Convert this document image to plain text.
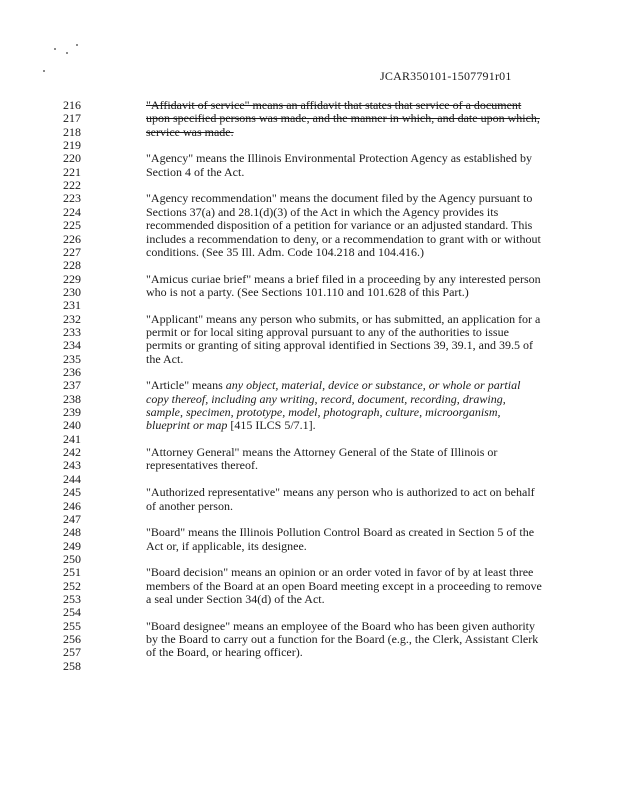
JCAR350101-1507791r01
216	"Affidavit of service" means an affidavit that states that service of a document
217	upon specified persons was made, and the manner in which, and date upon which,
218	service was made.
219
220	"Agency" means the Illinois Environmental Protection Agency as established by
221	Section 4 of the Act.
222
223	"Agency recommendation" means the document filed by the Agency pursuant to
224	Sections 37(a) and 28.1(d)(3) of the Act in which the Agency provides its
225	recommended disposition of a petition for variance or an adjusted standard. This
226	includes a recommendation to deny, or a recommendation to grant with or without
227	conditions. (See 35 Ill. Adm. Code 104.218 and 104.416.)
228
229	"Amicus curiae brief" means a brief filed in a proceeding by any interested person
230	who is not a party. (See Sections 101.110 and 101.628 of this Part.)
231
232	"Applicant" means any person who submits, or has submitted, an application for a
233	permit or for local siting approval pursuant to any of the authorities to issue
234	permits or granting of siting approval identified in Sections 39, 39.1, and 39.5 of
235	the Act.
236
237	"Article" means any object, material, device or substance, or whole or partial
238	copy thereof, including any writing, record, document, recording, drawing,
239	sample, specimen, prototype, model, photograph, culture, microorganism,
240	blueprint or map [415 ILCS 5/7.1].
241
242	"Attorney General" means the Attorney General of the State of Illinois or
243	representatives thereof.
244
245	"Authorized representative" means any person who is authorized to act on behalf
246	of another person.
247
248	"Board" means the Illinois Pollution Control Board as created in Section 5 of the
249	Act or, if applicable, its designee.
250
251	"Board decision" means an opinion or an order voted in favor of by at least three
252	members of the Board at an open Board meeting except in a proceeding to remove
253	a seal under Section 34(d) of the Act.
254
255	"Board designee" means an employee of the Board who has been given authority
256	by the Board to carry out a function for the Board (e.g., the Clerk, Assistant Clerk
257	of the Board, or hearing officer).
258
